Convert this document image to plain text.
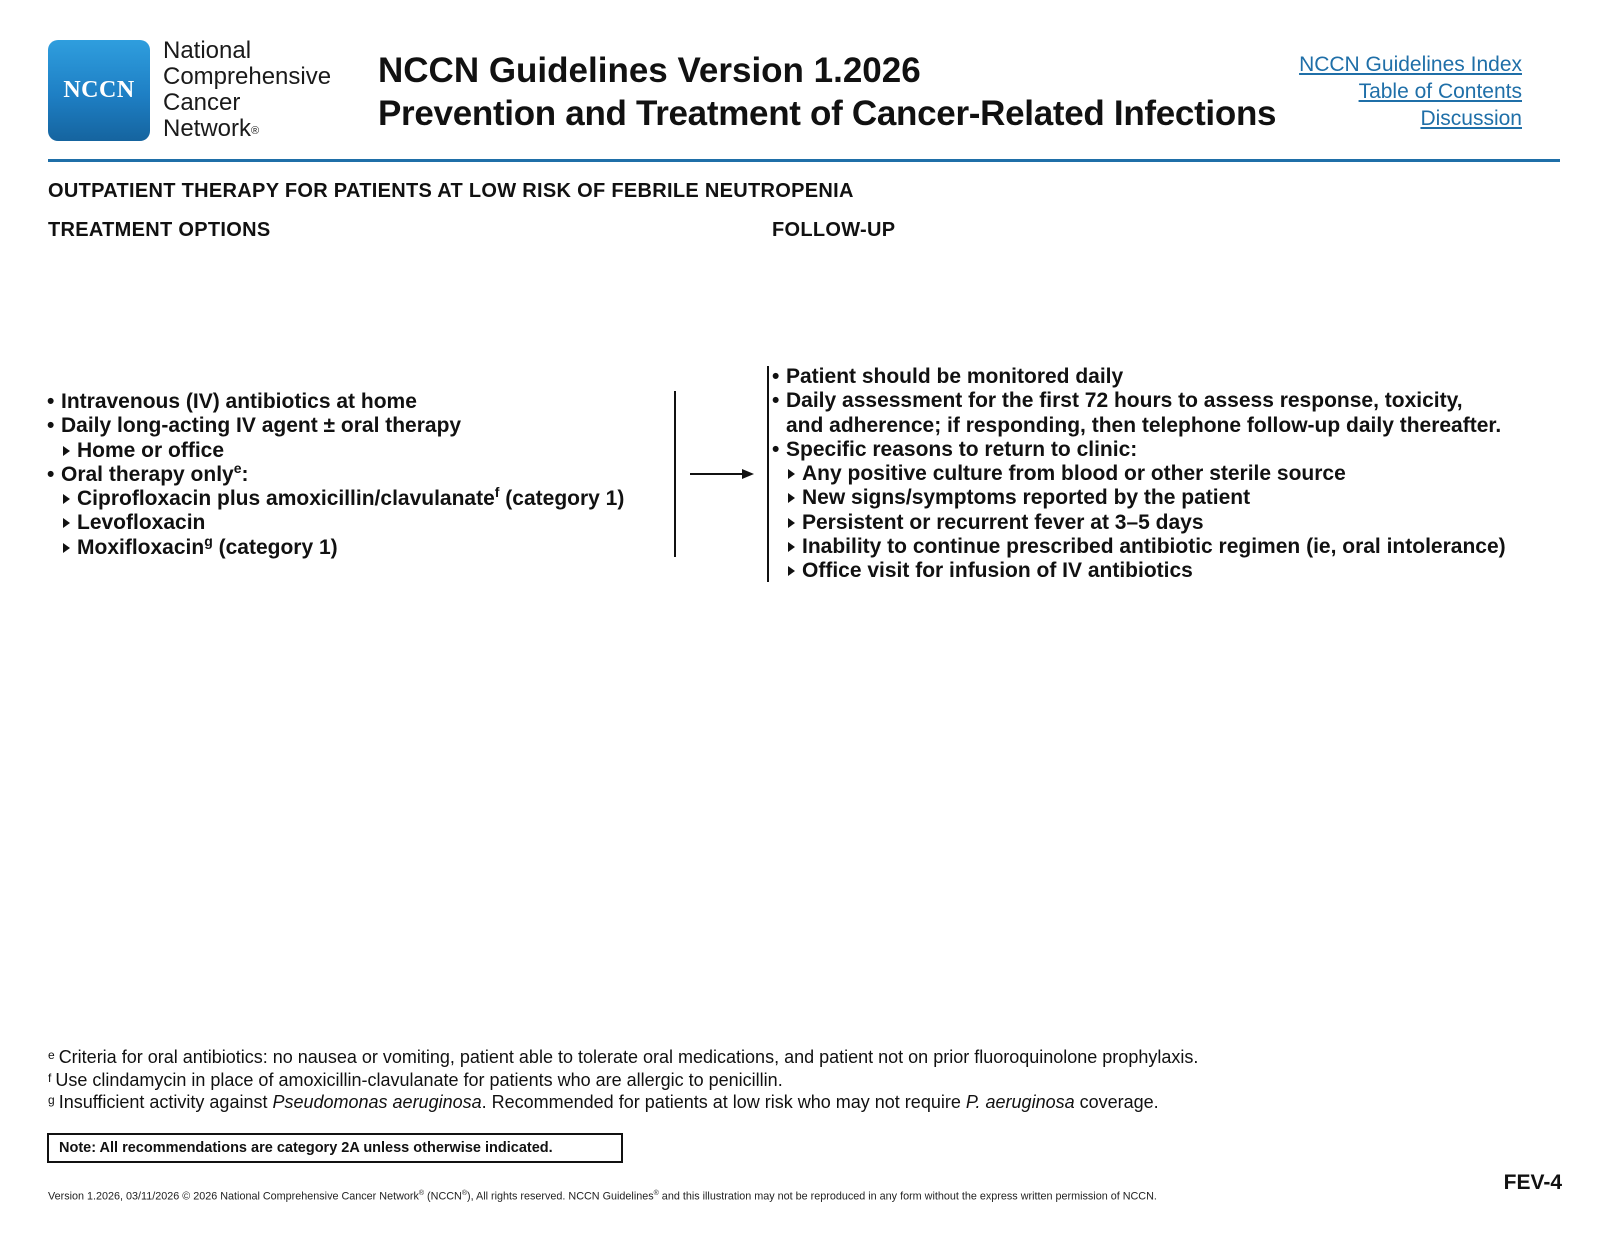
NCCN
National
Comprehensive
Cancer
Network®
NCCN Guidelines Version 1.2026
Prevention and Treatment of Cancer-Related Infections
NCCN Guidelines Index
Table of Contents
Discussion
OUTPATIENT THERAPY FOR PATIENTS AT LOW RISK OF FEBRILE NEUTROPENIA
TREATMENT OPTIONS	FOLLOW-UP
• Intravenous (IV) antibiotics at home
• Daily long-acting IV agent ± oral therapy
Home or office
• Oral therapy only$^e$:
Ciprofloxacin plus amoxicillin/clavulanate$^f$ (category 1)
Levofloxacin
Moxifloxacin$^g$ (category 1)
• Patient should be monitored daily
• Daily assessment for the first 72 hours to assess response, toxicity,
and adherence; if responding, then telephone follow-up daily thereafter.
• Specific reasons to return to clinic:
Any positive culture from blood or other sterile source
New signs/symptoms reported by the patient
Persistent or recurrent fever at 3–5 days
Inability to continue prescribed antibiotic regimen (ie, oral intolerance)
Office visit for infusion of IV antibiotics
$^e$ Criteria for oral antibiotics: no nausea or vomiting, patient able to tolerate oral medications, and patient not on prior fluoroquinolone prophylaxis.
$^f$ Use clindamycin in place of amoxicillin-clavulanate for patients who are allergic to penicillin.
$^g$ Insufficient activity against Pseudomonas aeruginosa. Recommended for patients at low risk who may not require P. aeruginosa coverage.
Note: All recommendations are category 2A unless otherwise indicated.
FEV-4
Version 1.2026, 03/11/2026 © 2026 National Comprehensive Cancer Network® (NCCN®), All rights reserved. NCCN Guidelines® and this illustration may not be reproduced in any form without the express written permission of NCCN.
